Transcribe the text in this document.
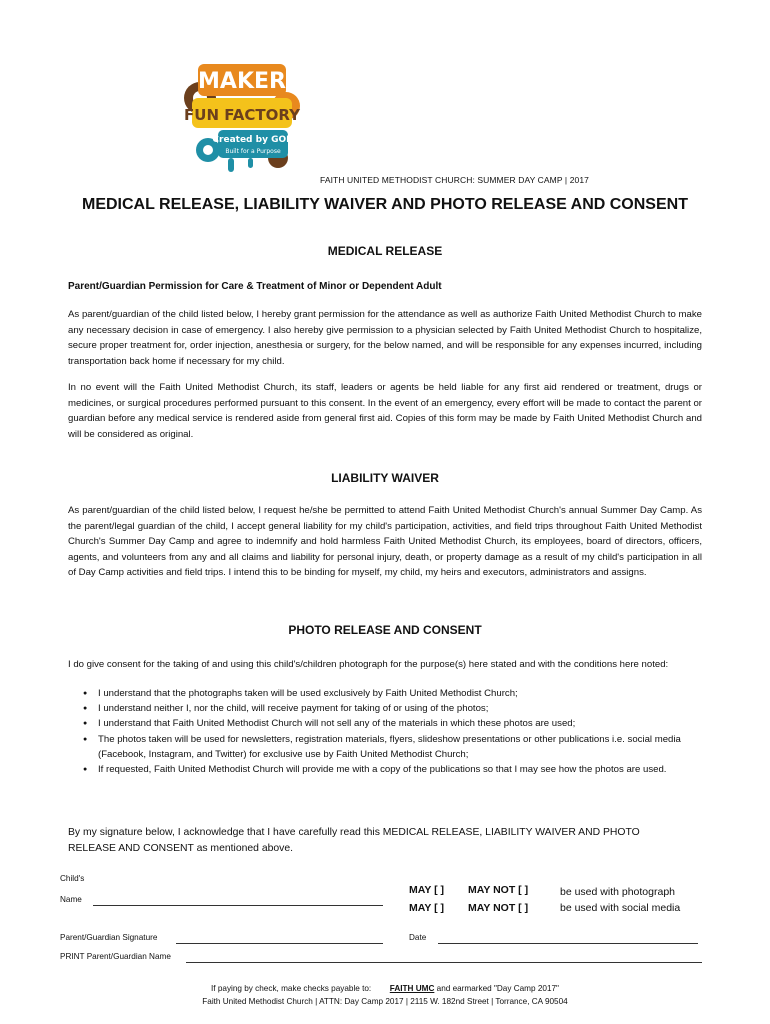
MAKER
FUN FACTORY
Created by GOD
Built for a Purpose
FAITH UNITED METHODIST CHURCH: SUMMER DAY CAMP | 2017
MEDICAL RELEASE, LIABILITY WAIVER AND PHOTO RELEASE AND CONSENT
MEDICAL RELEASE
Parent/Guardian Permission for Care & Treatment of Minor or Dependent Adult
As parent/guardian of the child listed below, I hereby grant permission for the attendance as well as authorize Faith United Methodist Church to make any necessary decision in case of emergency. I also hereby give permission to a physician selected by Faith United Methodist Church to hospitalize, secure proper treatment for, order injection, anesthesia or surgery, for the below named, and will be responsible for any expenses incurred, including transportation back home if necessary for my child.
In no event will the Faith United Methodist Church, its staff, leaders or agents be held liable for any first aid rendered or treatment, drugs or medicines, or surgical procedures performed pursuant to this consent. In the event of an emergency, every effort will be made to contact the parent or guardian before any medical service is rendered aside from general first aid. Copies of this form may be made by Faith United Methodist Church and will be considered as original.
LIABILITY WAIVER
As parent/guardian of the child listed below, I request he/she be permitted to attend Faith United Methodist Church's annual Summer Day Camp. As the parent/legal guardian of the child, I accept general liability for my child's participation, activities, and field trips throughout Faith United Methodist Church's Summer Day Camp and agree to indemnify and hold harmless Faith United Methodist Church, its employees, board of directors, officers, agents, and volunteers from any and all claims and liability for personal injury, death, or property damage as a result of my child's participation in all of Day Camp activities and field trips. I intend this to be binding for myself, my child, my heirs and executors, administrators and assigns.
PHOTO RELEASE AND CONSENT
I do give consent for the taking of and using this child's/children photograph for the purpose(s) here stated and with the conditions here noted:
● I understand that the photographs taken will be used exclusively by Faith United Methodist Church;
● I understand neither I, nor the child, will receive payment for taking of or using of the photos;
● I understand that Faith United Methodist Church will not sell any of the materials in which these photos are used;
● The photos taken will be used for newsletters, registration materials, flyers, slideshow presentations or other publications i.e. social media (Facebook, Instagram, and Twitter) for exclusive use by Faith United Methodist Church;
● If requested, Faith United Methodist Church will provide me with a copy of the publications so that I may see how the photos are used.
By my signature below, I acknowledge that I have carefully read this MEDICAL RELEASE, LIABILITY WAIVER AND PHOTO RELEASE AND CONSENT as mentioned above.
Child's
Name
MAY [ ] MAY NOT [ ]	be used with photograph
MAY [ ] MAY NOT [ ]	be used with social media
Parent/Guardian Signature	Date
PRINT Parent/Guardian Name
If paying by check, make checks payable to: FAITH UMC and earmarked "Day Camp 2017"
Faith United Methodist Church | ATTN: Day Camp 2017 | 2115 W. 182nd Street | Torrance, CA 90504
